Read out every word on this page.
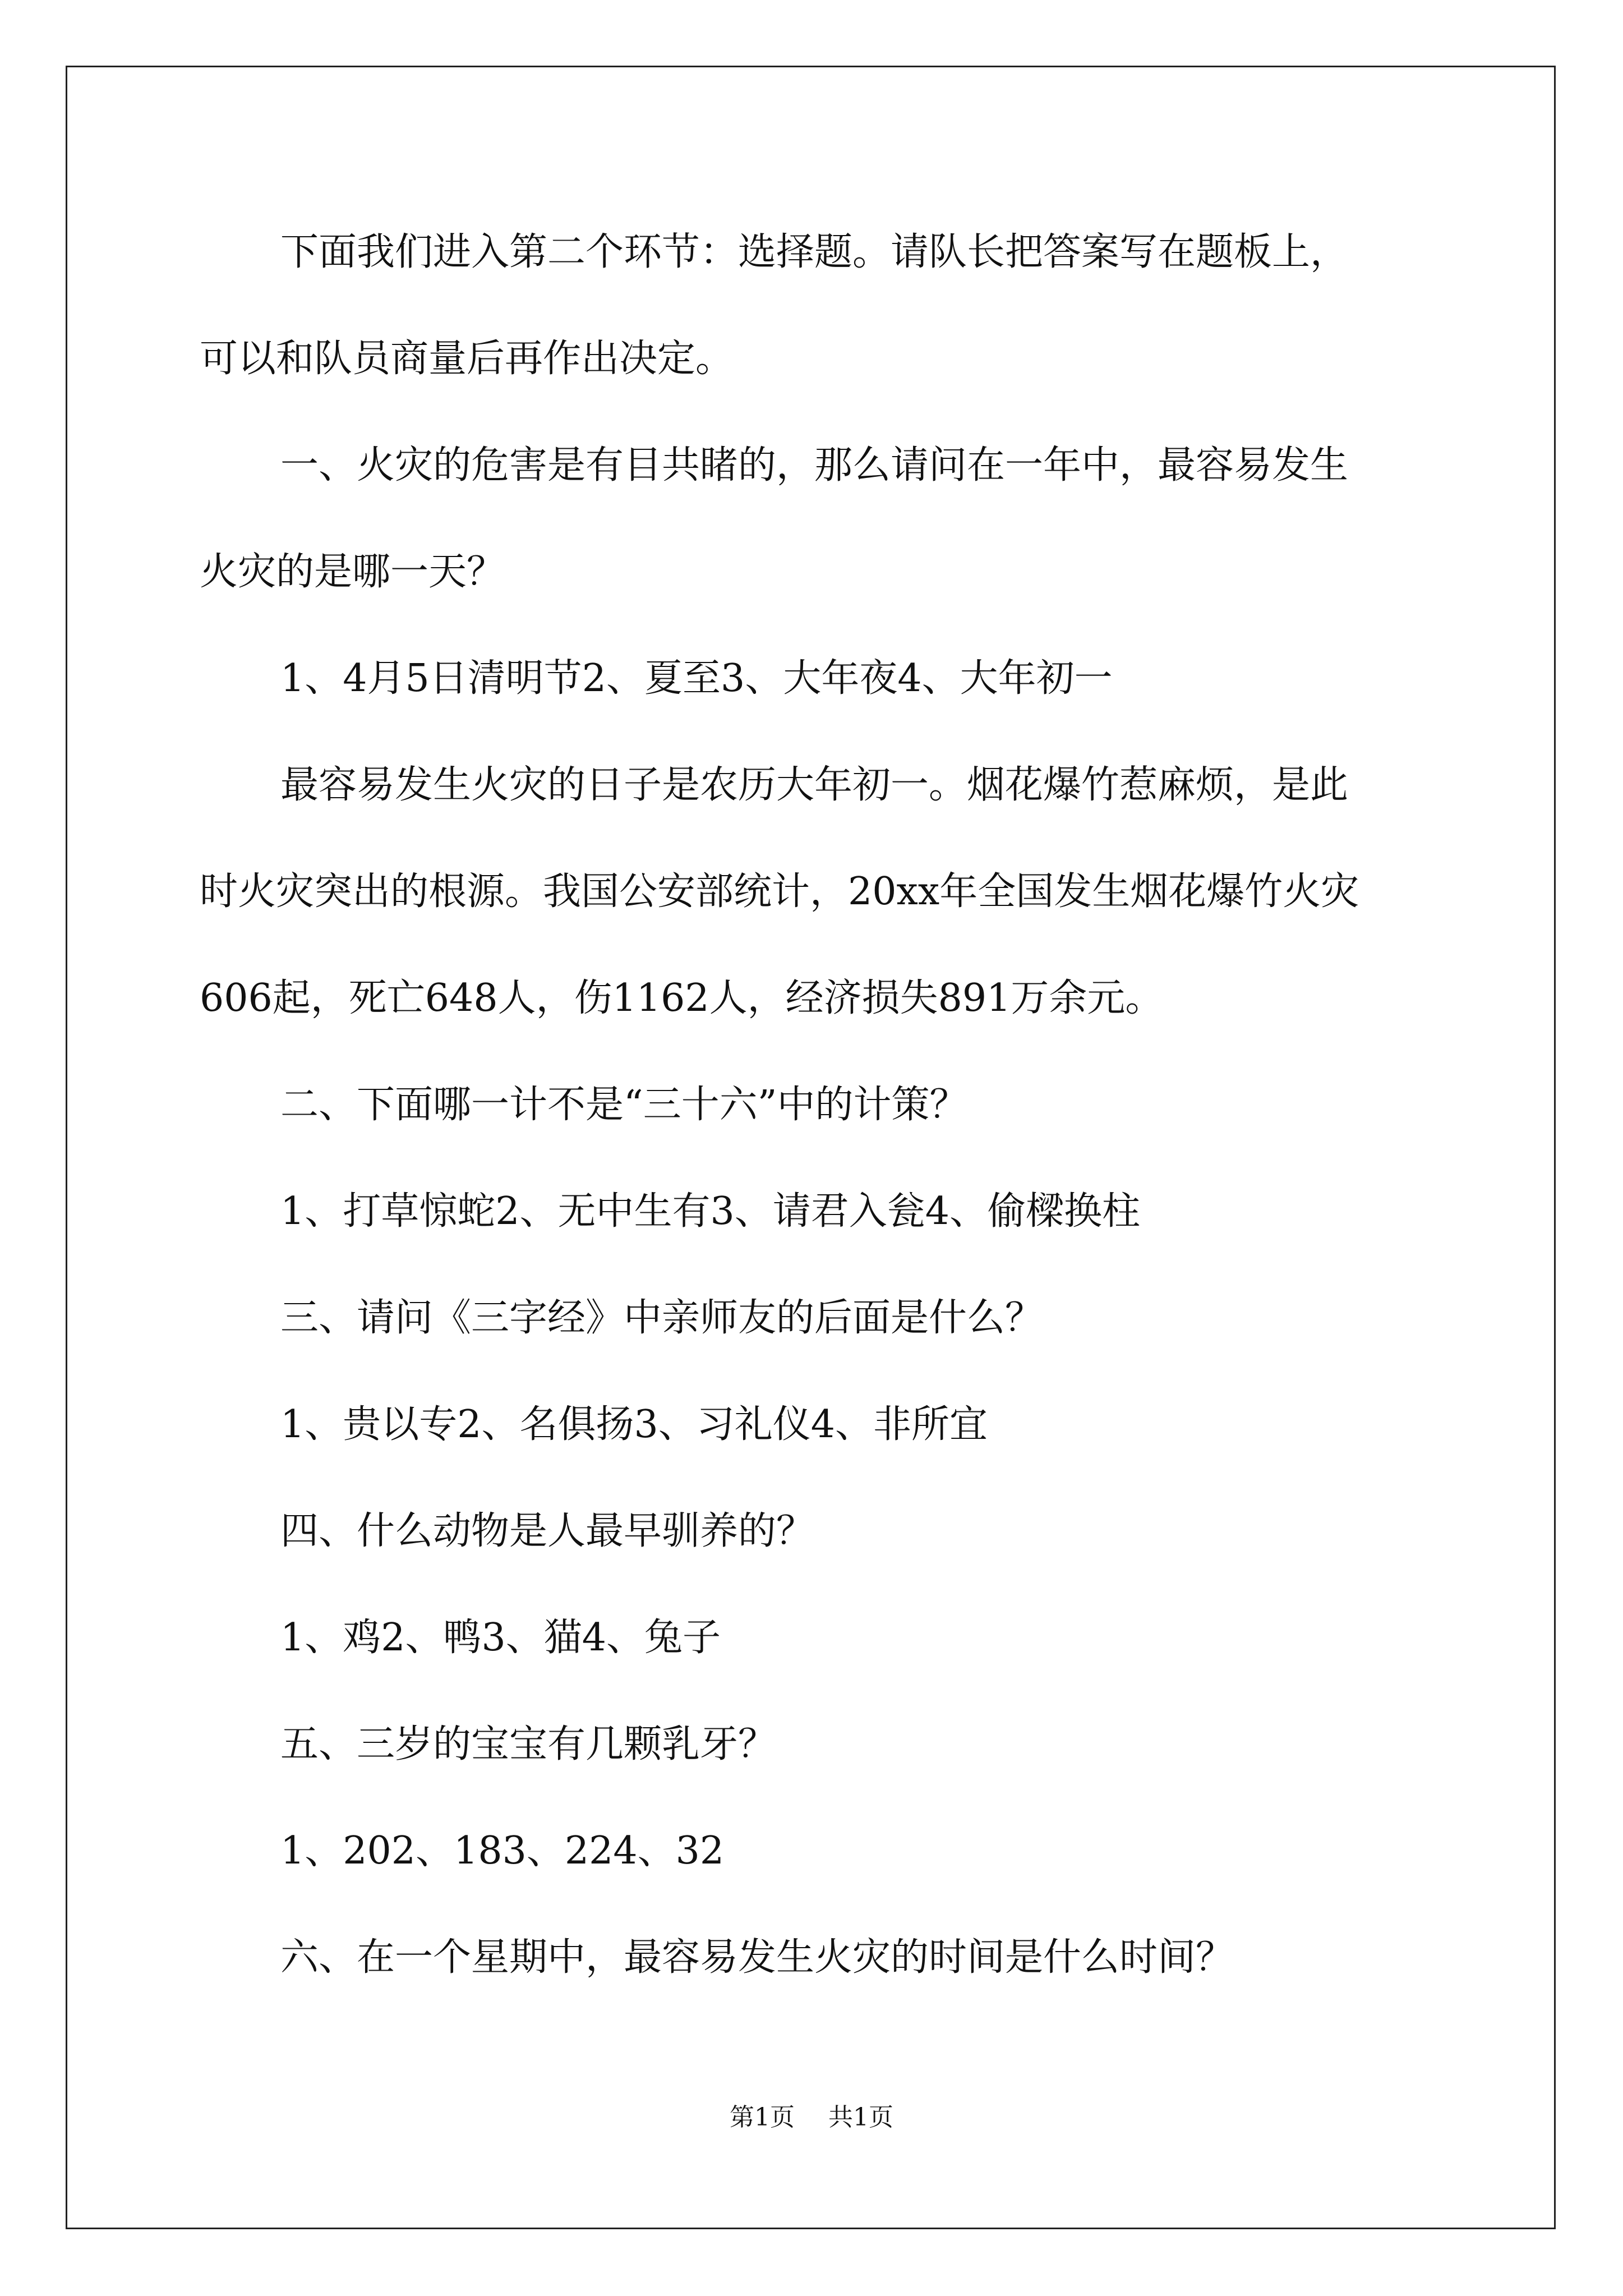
下面我们进入第二个环节：选择题。请队长把答案写在题板上，
可以和队员商量后再作出决定。
一、火灾的危害是有目共睹的，那么请问在一年中，最容易发生
火灾的是哪一天？
1、4月5日清明节2、夏至3、大年夜4、大年初一
最容易发生火灾的日子是农历大年初一。烟花爆竹惹麻烦，是此
时火灾突出的根源。我国公安部统计，20xx年全国发生烟花爆竹火灾
606起，死亡648人，伤1162人，经济损失891万余元。
二、下面哪一计不是“三十六”中的计策？
1、打草惊蛇2、无中生有3、请君入瓮4、偷樑换柱
三、请问《三字经》中亲师友的后面是什么？
1、贵以专2、名俱扬3、习礼仪4、非所宜
四、什么动物是人最早驯养的？
1、鸡2、鸭3、猫4、兔子
五、三岁的宝宝有几颗乳牙？
1、202、183、224、32
六、在一个星期中，最容易发生火灾的时间是什么时间？
第1页 共1页
